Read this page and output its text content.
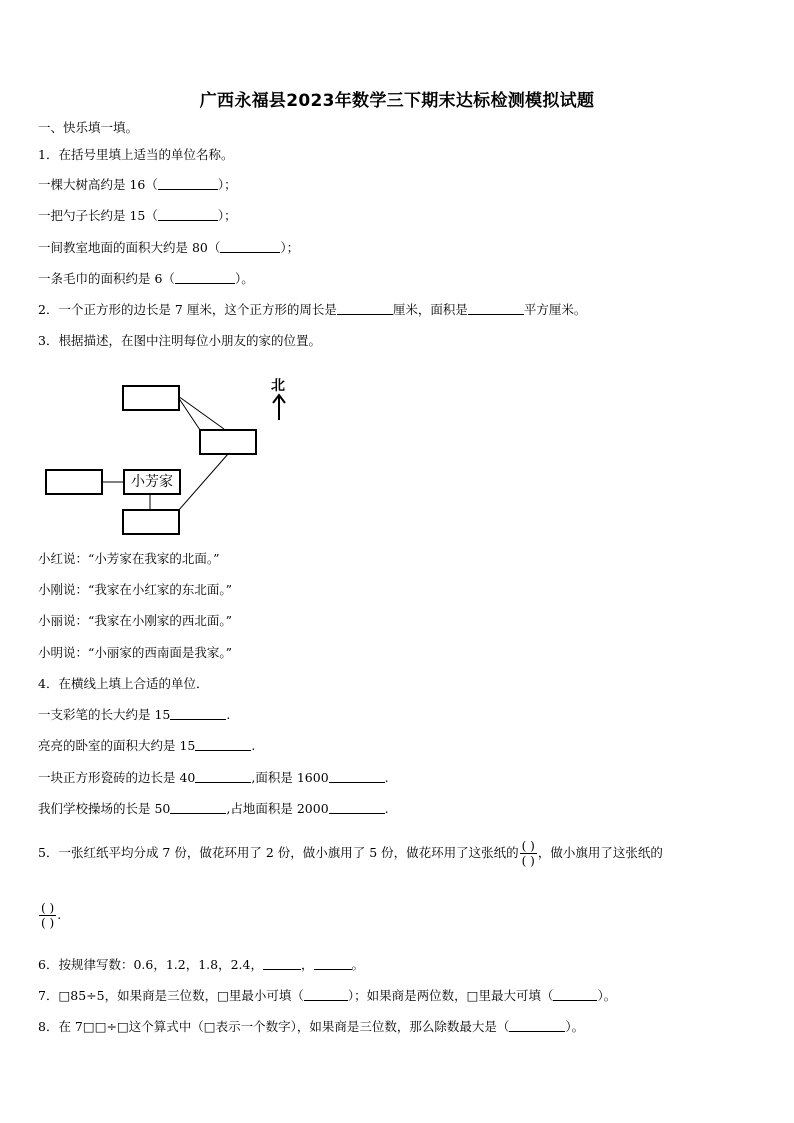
广西永福县2023年数学三下期末达标检测模拟试题
一、快乐填一填。
1．在括号里填上适当的单位名称。
一棵大树高约是 16（	）；
一把勺子长约是 15（	）；
一间教室地面的面积大约是 80（	）；
一条毛巾的面积约是 6（	）。
2．一个正方形的边长是 7 厘米，这个正方形的周长是	厘米，面积是	平方厘米。
3．根据描述，在图中注明每位小朋友的家的位置。
小芳家
北
小红说：“小芳家在我家的北面。”
小刚说：“我家在小红家的东北面。”
小丽说：“我家在小刚家的西北面。”
小明说：“小丽家的西南面是我家。”
4．在横线上填上合适的单位．
一支彩笔的长大约是 15	.
亮亮的卧室的面积大约是 15	.
一块正方形瓷砖的边长是 40	,面积是 1600	.
我们学校操场的长是 50	,占地面积是 2000	.
5．一张红纸平均分成 7 份，做花环用了 2 份，做小旗用了 5 份，做花环用了这张纸的 $\frac{( )}{( )}$ ，做小旗用了这张纸的
$\frac{( )}{( )}$ .
6．按规律写数：0.6，1.2，1.8，2.4，	，	。
7．□85÷5，如果商是三位数，□里最小可填（	）；如果商是两位数，□里最大可填（	）。
8．在 7□□÷□这个算式中（□表示一个数字），如果商是三位数，那么除数最大是（	）。
